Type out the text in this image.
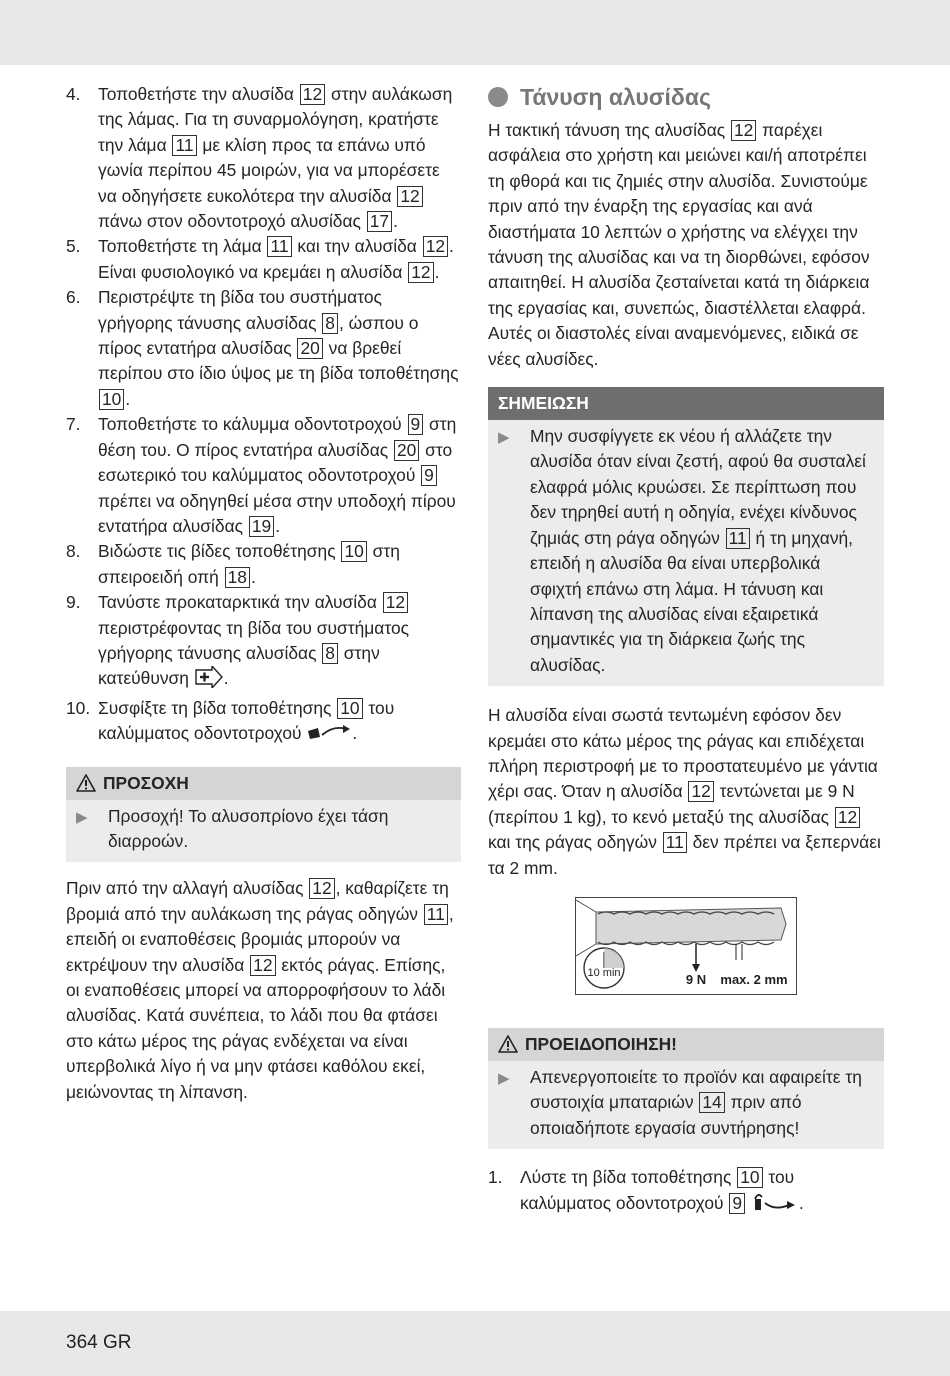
4.	Τοποθετήστε την αλυσίδα 12 στην αυλάκωση της λάμας. Για τη συναρμολόγηση, κρατήστε την λάμα 11 με κλίση προς τα επάνω υπό γωνία περίπου 45 μοιρών, για να μπορέσετε να οδηγήσετε ευκολότερα την αλυσίδα 12 πάνω στον οδοντοτροχό αλυσίδας 17 .
5.	Τοποθετήστε τη λάμα 11 και την αλυσίδα 12 . Είναι φυσιολογικό να κρεμάει η αλυσίδα 12 .
6.	Περιστρέψτε τη βίδα του συστήματος γρήγορης τάνυσης αλυσίδας 8 , ώσπου ο πίρος εντατήρα αλυσίδας 20 να βρεθεί περίπου στο ίδιο ύψος με τη βίδα τοποθέτησης 10 .
7.	Τοποθετήστε το κάλυμμα οδοντοτροχού 9 στη θέση του. Ο πίρος εντατήρα αλυσίδας 20 στο εσωτερικό του καλύμματος οδοντοτροχού 9 πρέπει να οδηγηθεί μέσα στην υποδοχή πίρου εντατήρα αλυσίδας 19 .
8.	Βιδώστε τις βίδες τοποθέτησης 10 στη σπειροειδή οπή 18 .
9.	Τανύστε προκαταρκτικά την αλυσίδα 12 περιστρέφοντας τη βίδα του συστήματος γρήγορης τάνυσης αλυσίδας 8 στην κατεύθυνση .
10. Συσφίξτε τη βίδα τοποθέτησης 10 του καλύμματος οδοντοτροχού	.
ΠΡΟΣΟΧΗ
▶	Προσοχή! Το αλυσοπρίονο έχει τάση διαρροών.

Πριν από την αλλαγή αλυσίδας 12 , καθαρίζετε τη βρομιά από την αυλάκωση της ράγας οδηγών 11 , επειδή οι εναποθέσεις βρομιάς μπορούν να εκτρέψουν την αλυσίδα 12 εκτός ράγας. Επίσης, οι εναποθέσεις μπορεί να απορροφήσουν το λάδι αλυσίδας. Κατά συνέπεια, το λάδι που θα φτάσει στο κάτω μέρος της ράγας ενδέχεται να είναι υπερβολικά λίγο ή να μην φτάσει καθόλου εκεί, μειώνοντας τη λίπανση.

Τάνυση αλυσίδας

Η τακτική τάνυση της αλυσίδας 12 παρέχει ασφάλεια στο χρήστη και μειώνει και/ή αποτρέπει τη φθορά και τις ζημιές στην αλυσίδα. Συνιστούμε πριν από την έναρξη της εργασίας και ανά διαστήματα 10 λεπτών ο χρήστης να ελέγχει την τάνυση της αλυσίδας και να τη διορθώνει, εφόσον απαιτηθεί. Η αλυσίδα ζεσταίνεται κατά τη διάρκεια της εργασίας και, συνεπώς, διαστέλλεται ελαφρά. Αυτές οι διαστολές είναι αναμενόμενες, ειδικά σε νέες αλυσίδες.

ΣΗΜΕΙΩΣΗ
▶	Μην συσφίγγετε εκ νέου ή αλλάζετε την αλυσίδα όταν είναι ζεστή, αφού θα συσταλεί ελαφρά μόλις κρυώσει. Σε περίπτωση που δεν τηρηθεί αυτή η οδηγία, ενέχει κίνδυνος ζημιάς στη ράγα οδηγών 11 ή τη μηχανή, επειδή η αλυσίδα θα είναι υπερβολικά σφιχτή επάνω στη λάμα. Η τάνυση και λίπανση της αλυσίδας είναι εξαιρετικά σημαντικές για τη διάρκεια ζωής της αλυσίδας.

Η αλυσίδα είναι σωστά τεντωμένη εφόσον δεν κρεμάει στο κάτω μέρος της ράγας και επιδέχεται πλήρη περιστροφή με το προστατευμένο με γάντια χέρι σας. Όταν η αλυσίδα 12 τεντώνεται με 9 N (περίπου 1 kg), το κενό μεταξύ της αλυσίδας 12 και της ράγας οδηγών 11 δεν πρέπει να ξεπερνάει τα 2 mm.

10 min	9 N max. 2 mm
ΠΡΟΕΙΔΟΠΟΙΗΣΗ!
▶	Απενεργοποιείτε το προϊόν και αφαιρείτε τη συστοιχία μπαταριών 14 πριν από οποιαδήποτε εργασία συντήρησης!
1.	Λύστε τη βίδα τοποθέτησης 10 του καλύμματος οδοντοτροχού 9	.
364 GR
